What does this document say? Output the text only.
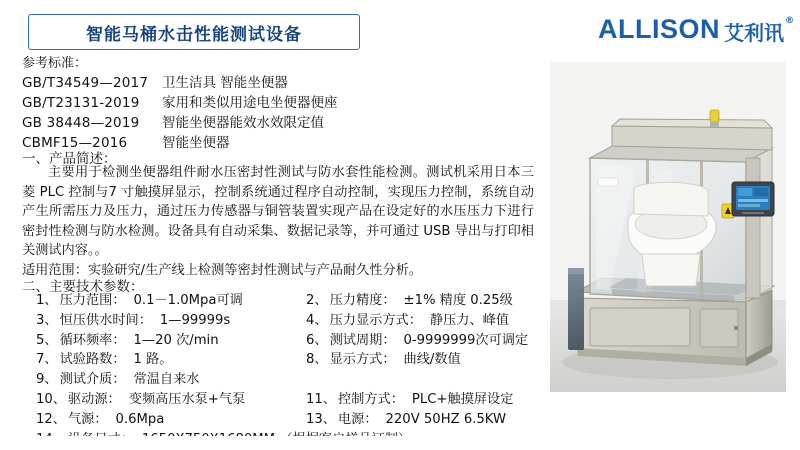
智能马桶水击性能测试设备	ALLISON 艾利讯 ®
参考标准：
GB/T34549—2017	卫生洁具 智能坐便器
GB/T23131-2019	家用和类似用途电坐便器便座
GB 38448—2019	智能坐便器能效水效限定值
CBMF15—2016	智能坐便器
一、产品简述：

主要用于检测坐便器组件耐水压密封性测试与防水套性能检测。测试机采用日本三菱 PLC 控制与7 寸触摸屏显示，控制系统通过程序自动控制，实现压力控制，系统自动产生所需压力及压力，通过压力传感器与铜管装置实现产品在设定好的水压压力下进行密封性检测与防水检测。设备具有自动采集、数据记录等，并可通过 USB 导出与打印相关测试内容。。

适用范围：实验研究/生产线上检测等密封性测试与产品耐久性分析。

二、主要技术参数：
1、 压力范围： 0.1－1.0Mpa可调	2、 压力精度： ±1% 精度 0.25级
3、 恒压供水时间： 1—99999s	4、 压力显示方式： 静压力、峰值
5、 循环频率： 1—20 次/min	6、 测试周期： 0-9999999次可调定
7、 试验路数： 1 路。	8、 显示方式： 曲线/数值
9、 测试介质： 常温自来水
10、 驱动源： 变频高压水泵+气泵	11、 控制方式： PLC+触摸屏设定
12、 气源： 0.6Mpa	13、 电源： 220V 50HZ 6.5KW
